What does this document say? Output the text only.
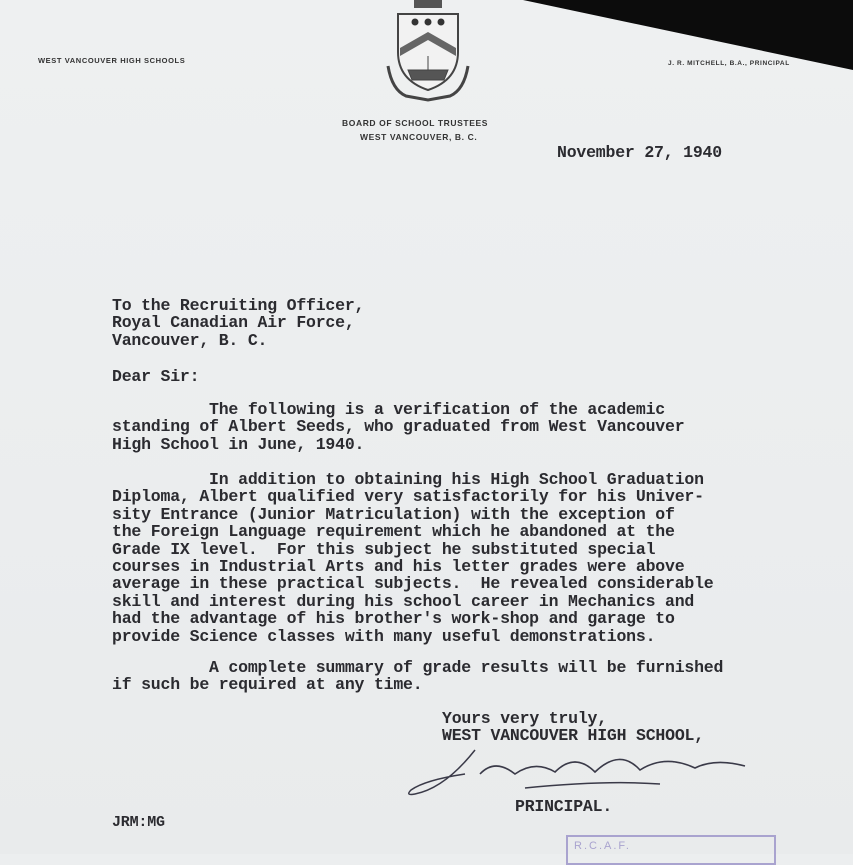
WEST VANCOUVER HIGH SCHOOLS	J. R. MITCHELL, B.A., PRINCIPAL
BOARD OF SCHOOL TRUSTEES
WEST VANCOUVER, B. C.
November 27, 1940
To the Recruiting Officer,
Royal Canadian Air Force,
Vancouver, B. C.
Dear Sir:
The following is a verification of the academic
standing of Albert Seeds, who graduated from West Vancouver
High School in June, 1940.
In addition to obtaining his High School Graduation
Diploma, Albert qualified very satisfactorily for his Univer-
sity Entrance (Junior Matriculation) with the exception of
the Foreign Language requirement which he abandoned at the
Grade IX level.  For this subject he substituted special
courses in Industrial Arts and his letter grades were above
average in these practical subjects.  He revealed considerable
skill and interest during his school career in Mechanics and
had the advantage of his brother's work-shop and garage to
provide Science classes with many useful demonstrations.
A complete summary of grade results will be furnished
if such be required at any time.
Yours very truly,
WEST VANCOUVER HIGH SCHOOL,
PRINCIPAL.
JRM:MG
R.C.A.F.
